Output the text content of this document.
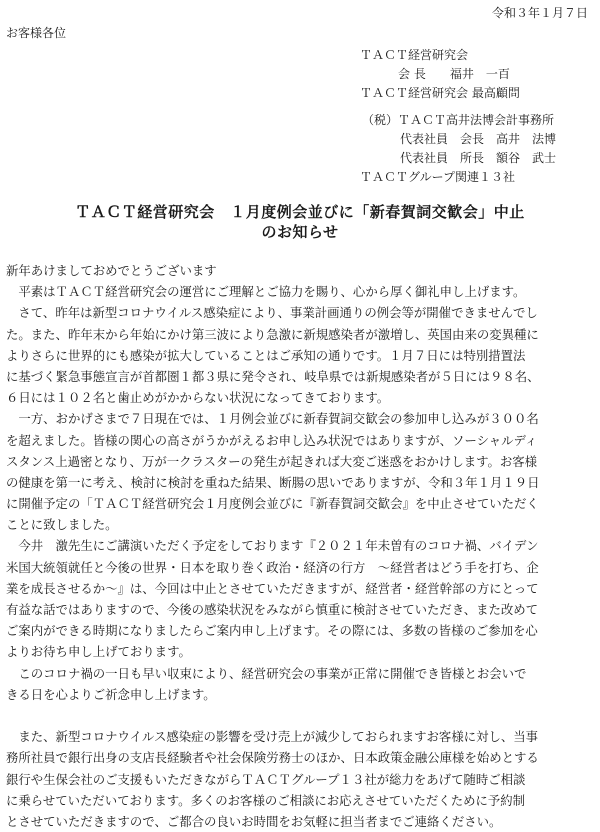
令和３年１月７日
お客様各位
ＴＡＣＴ経営研究会
会 長　　福井　一百
ＴＡＣＴ経営研究会 最高顧問
（税）ＴＡＣＴ高井法博会計事務所
代表社員　会長　高井　法博
代表社員　所長　額谷　武士
ＴＡＣＴグループ関連１３社
ＴＡＣＴ経営研究会　１月度例会並びに「新春賀詞交歓会」中止
のお知らせ
新年あけましておめでとうございます
　平素はＴＡＣＴ経営研究会の運営にご理解とご協力を賜り、心から厚く御礼申し上げます。
　さて、昨年は新型コロナウイルス感染症により、事業計画通りの例会等が開催できませんでし
た。また、昨年末から年始にかけ第三波により急激に新規感染者が激増し、英国由来の変異種に
よりさらに世界的にも感染が拡大していることはご承知の通りです。１月７日には特別措置法
に基づく緊急事態宣言が首都圏１都３県に発令され、岐阜県では新規感染者が５日には９８名、
６日には１０２名と歯止めがかからない状況になってきております。
　一方、おかげさまで７日現在では、１月例会並びに新春賀詞交歓会の参加申し込みが３００名
を超えました。皆様の関心の高さがうかがえるお申し込み状況ではありますが、ソーシャルディ
スタンス上過密となり、万が一クラスターの発生が起きれば大変ご迷惑をおかけします。お客様
の健康を第一に考え、検討に検討を重ねた結果、断腸の思いでありますが、令和３年１月１９日
に開催予定の「ＴＡＣＴ経営研究会１月度例会並びに『新春賀詞交歓会』を中止させていただく
ことに致しました。
　今井　激先生にご講演いただく予定をしております『２０２１年未曽有のコロナ禍、バイデン
米国大統領就任と今後の世界・日本を取り巻く政治・経済の行方　～経営者はどう手を打ち、企
業を成長させるか～』は、今回は中止とさせていただきますが、経営者・経営幹部の方にとって
有益な話ではありますので、今後の感染状況をみながら慎重に検討させていただき、また改めて
ご案内ができる時期になりましたらご案内申し上げます。その際には、多数の皆様のご参加を心
よりお待ち申し上げております。
　このコロナ禍の一日も早い収束により、経営研究会の事業が正常に開催でき皆様とお会いで
きる日を心よりご祈念申し上げます。
　また、新型コロナウイルス感染症の影響を受け売上が減少しておられますお客様に対し、当事
務所社員で銀行出身の支店長経験者や社会保険労務士のほか、日本政策金融公庫様を始めとする
銀行や生保会社のご支援もいただきながらＴＡＣＴグループ１３社が総力をあげて随時ご相談
に乗らせていただいております。多くのお客様のご相談にお応えさせていただくために予約制
とさせていただきますので、ご都合の良いお時間をお気軽に担当者までご連絡ください。
